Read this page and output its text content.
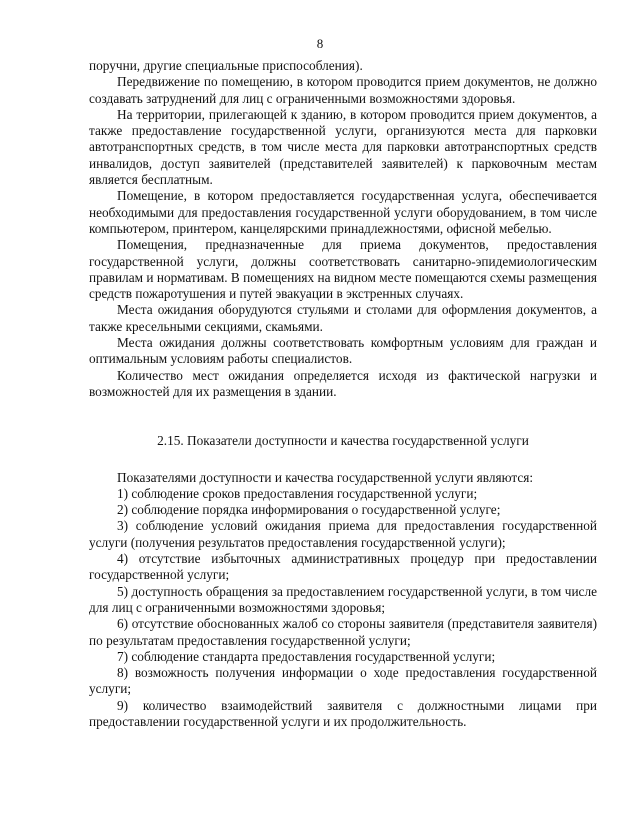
8

поручни, другие специальные приспособления).

Передвижение по помещению, в котором проводится прием документов, не должно создавать затруднений для лиц с ограниченными возможностями здоровья.

На территории, прилегающей к зданию, в котором проводится прием документов, а также предоставление государственной услуги, организуются места для парковки автотранспортных средств, в том числе места для парковки автотранспортных средств инвалидов, доступ заявителей (представителей заявителей) к парковочным местам является бесплатным.

Помещение, в котором предоставляется государственная услуга, обеспечивается необходимыми для предоставления государственной услуги оборудованием, в том числе компьютером, принтером, канцелярскими принадлежностями, офисной мебелью.

Помещения, предназначенные для приема документов, предоставления государственной услуги, должны соответствовать санитарно-эпидемиологическим правилам и нормативам. В помещениях на видном месте помещаются схемы размещения средств пожаротушения и путей эвакуации в экстренных случаях.

Места ожидания оборудуются стульями и столами для оформления документов, а также кресельными секциями, скамьями.

Места ожидания должны соответствовать комфортным условиям для граждан и оптимальным условиям работы специалистов.

Количество мест ожидания определяется исходя из фактической нагрузки и возможностей для их размещения в здании.

2.15. Показатели доступности и качества государственной услуги

Показателями доступности и качества государственной услуги являются:

1) соблюдение сроков предоставления государственной услуги;

2) соблюдение порядка информирования о государственной услуге;

3) соблюдение условий ожидания приема для предоставления государственной услуги (получения результатов предоставления государственной услуги);

4) отсутствие избыточных административных процедур при предоставлении государственной услуги;

5) доступность обращения за предоставлением государственной услуги, в том числе для лиц с ограниченными возможностями здоровья;

6) отсутствие обоснованных жалоб со стороны заявителя (представителя заявителя) по результатам предоставления государственной услуги;

7) соблюдение стандарта предоставления государственной услуги;

8) возможность получения информации о ходе предоставления государственной услуги;

9) количество взаимодействий заявителя с должностными лицами при предоставлении государственной услуги и их продолжительность.
